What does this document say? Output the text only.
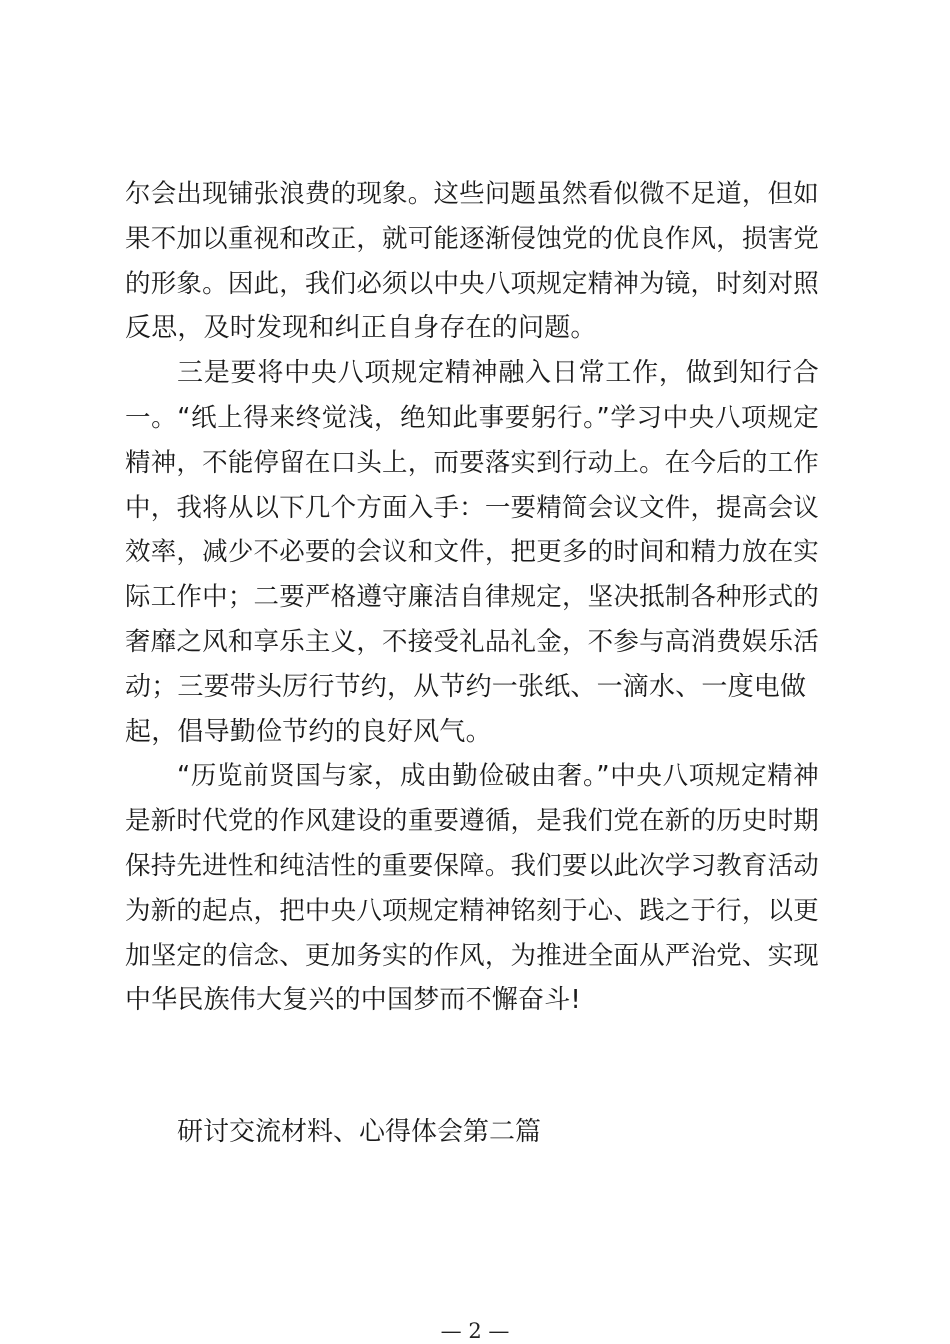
尔会出现铺张浪费的现象。这些问题虽然看似微不足道，但如
果不加以重视和改正，就可能逐渐侵蚀党的优良作风，损害党
的形象。因此，我们必须以中央八项规定精神为镜，时刻对照
反思，及时发现和纠正自身存在的问题。

三是要将中央八项规定精神融入日常工作，做到知行合
一。“纸上得来终觉浅，绝知此事要躬行。”学习中央八项规定
精神，不能停留在口头上，而要落实到行动上。在今后的工作
中，我将从以下几个方面入手：一要精简会议文件，提高会议
效率，减少不必要的会议和文件，把更多的时间和精力放在实
际工作中；二要严格遵守廉洁自律规定，坚决抵制各种形式的
奢靡之风和享乐主义，不接受礼品礼金，不参与高消费娱乐活
动；三要带头厉行节约，从节约一张纸、一滴水、一度电做
起，倡导勤俭节约的良好风气。

“历览前贤国与家，成由勤俭破由奢。”中央八项规定精神
是新时代党的作风建设的重要遵循，是我们党在新的历史时期
保持先进性和纯洁性的重要保障。我们要以此次学习教育活动
为新的起点，把中央八项规定精神铭刻于心、践之于行，以更
加坚定的信念、更加务实的作风，为推进全面从严治党、实现
中华民族伟大复兴的中国梦而不懈奋斗!

研讨交流材料、心得体会第二篇
— 2 —
